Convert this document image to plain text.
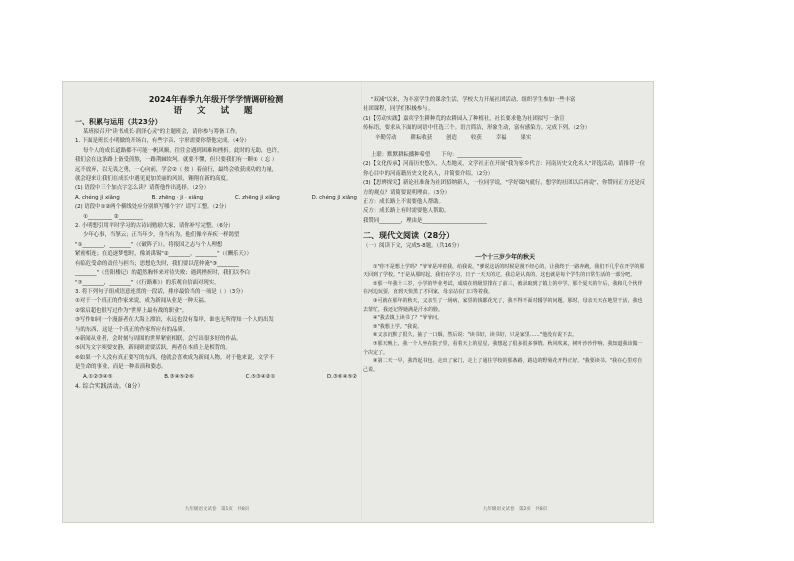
2024年春季九年级开学学情调研检测
语 文 试 题
一、积累与运用（共23分）
某班拟召开"读书成长·润泽心灵"的主题班会，请你参与筹备工作。
1. 下面是班长小明做的开场白，有些字音、字形需要你帮他完成。（4分）
每个人的成长道路都不可能一帆风顺，往往会遇到困难和挫折。此时的无助，也许，
我们会在这条路上备受煎熬，一路荆棘坎坷。就要不懂，但只要我们有一颗①（ 忘 ）
远不放弃，以无畏之勇，一心向前，学会②（ 按 ）着前行，最终会收获成功的力量，
就会迎来让我们在成长中遇见更加美丽的风景，翱翔在新的高度。
(1) 语段中三个加点字怎么读？请帮他作出选择。（2分）
A. chéng jì xiǎng	B. zhēng · jì · xiǎng	C. zhēng jì xiǎng	D. chéng jì xiǎng
(2) 语段中①②两个横线处应分别填写哪个字？请写工整。（2分）
①_________ ②_________
2. 小明想引用平时学习的古诗词勉励大家，请你补写完整。（6分）
少年心事，当拏云；正当年少，身当有为。他们像辛弃疾一样渴望
"①________，________"（《破阵子》），将报国之志与个人理想
紧密相连；在追逐梦想时，像刘禹锡"②________，________"（《酬乐天》）
有临危受命的责任与担当；思想危失时，我们要以范仲淹"③________
________"（岳阳楼记）的超然胸怀来对待失败；遇到挫折时，我们以李白
"⑦________，________"（《行路难》）的乐观自信面对现实。
3. 将下列句子组成语意连贯的一段话，排序最恰当的一项是（ ）（3分）
①对于一个真正的作家来说，成为新闻从业是一种天福。
②梁启超也很写过作为"世界上最有战的职业"。
③写作如同一个漫游者在大海上漂泊，永远也没有靠岸，谁也无所得知一个人的出发
与的东西，这是一个真正的作家所应有的品质。
④新闻从业者，会时刻与周围的世界紧密相联，会写出很多好的作品。
⑤因为文字须要安静，新闻则需要活跃，两者在本质上是相背的。
⑥如果一个人没有真正要写的东西，他就会喜欢成为新闻人物。对于他来说，文学不
是生命的事业，而是一种表演和姿态。
A.①②③④⑤	B.③④⑤②⑥	C.⑤③④②①	D.③⑥④⑤②
4. 综合实践活动。（8分）
九年级语文试卷　第1页　共8页
"双减"以来，为丰富学生的课余生活，学校大力开展社团活动，组织学生参加一些丰富
社团课程，同学们积极参与。
(1)【劳动实践】嘉宾学生耕种荒的农耕园入了种植社，社长要求他为社团拟写一条宣
传标语，要求从下面的词语中任选三个。语言简洁，形象生动，富有感染力。完成下列。（2分）
辛勤劳动	耕耘收获	创造	收获	幸福	果实
上联：默默耕耘播种希望　　下句：________________________
(2)【文化传承】河南历史悠久，人杰地灵，文学社正在开展"我为家乡代言：河南历史文化名人"评选活动，请推荐一位你心目中的河南籍历史文化名人，并简要介绍。（2分）
(3)【思辨探究】新论社准备为社团招纳新人，一位同学说，"学好课内就行，想学的社团以后再说"，你赞同正方还是反方的观点？请简要说明理由。（3分）
正方：成长路上不需要他人帮助。
反方：成长路上有时需要他人帮助。
我赞同________，理由是________________________
二、现代文阅读（28分）
（一）阅读下文，完成5-8题。（共16分）
一个十三岁少年的秋天
①"你不是想上学吗？"爷爷是冲着我，给我说。"爹说这话的时候是漫不经心的，让我终于一路奔跑，我们不几乎在开学的那天回到了学校。"于是从那时起，我们在学习，日子一天天的过，我总是认真的，这也就是每个学生的日常生活的一部分吧。
②那一年我十三岁，小学的毕业考试，成绩在班级里排在了前三，被录取到了镇上的中学。那个夏天的午后，我和几个伙伴在河边玩耍，直到天快黑了才回家，母亲站在门口等着我。
③可就在那年的秋天，父亲生了一场病，家里的钱都花光了，我不得不面对辍学的问题。那时，母亲天天在地里干活，我也去帮忙，我还记得她满是汗水的脸。
④"我去镇上读书了？"爷爷问。
⑤"我想上学。"我说。
⑥父亲沉默了很久，抽了一口烟，然后说："读书好，读书好，只是家里……"他没有说下去。
⑦那天晚上，我一个人坐在院子里，看着天上的星星，我想起了很多很多事情。秋风吹来，树叶沙沙作响，我知道我该做一个决定了。
⑧第二天一早，我背起书包，走出了家门，走上了通往学校的那条路，路边的野菊花开得正好。"我要读书。"我在心里对自己说。
九年级语文试卷　第2页　共8页
